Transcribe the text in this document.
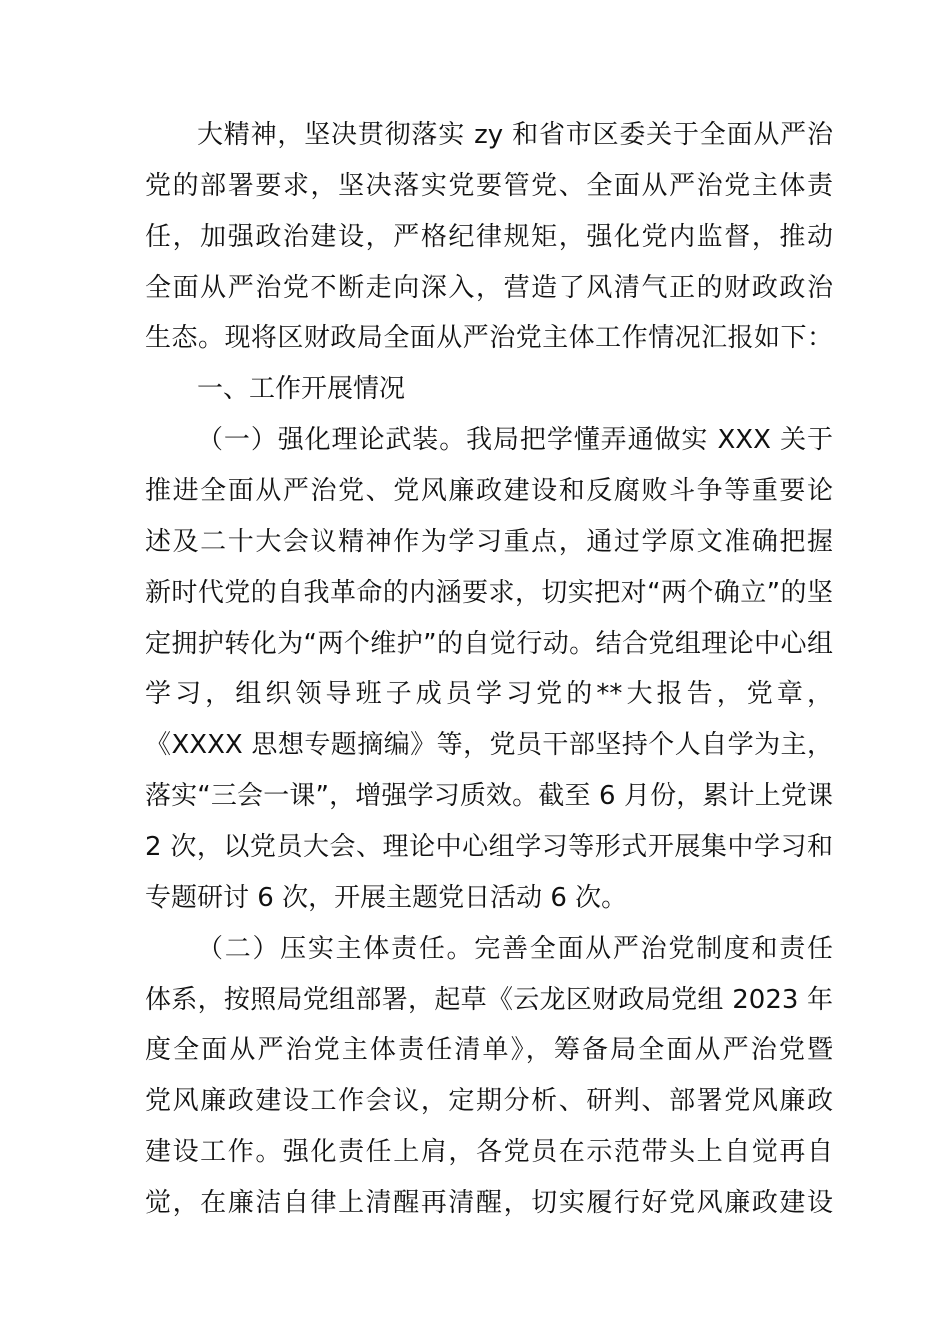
大精神，坚决贯彻落实 zy 和省市区委关于全面从严治
党的部署要求，坚决落实党要管党、全面从严治党主体责
任，加强政治建设，严格纪律规矩，强化党内监督，推动
全面从严治党不断走向深入，营造了风清气正的财政政治
生态。现将区财政局全面从严治党主体工作情况汇报如下：
一、工作开展情况
（一）强化理论武装。我局把学懂弄通做实 XXX 关于
推进全面从严治党、党风廉政建设和反腐败斗争等重要论
述及二十大会议精神作为学习重点，通过学原文准确把握
新时代党的自我革命的内涵要求，切实把对“两个确立”的坚
定拥护转化为“两个维护”的自觉行动。结合党组理论中心组
学习，组织领导班子成员学习党的**大报告，党章，
《XXXX 思想专题摘编》等，党员干部坚持个人自学为主，
落实“三会一课”，增强学习质效。截至 6 月份，累计上党课
2 次，以党员大会、理论中心组学习等形式开展集中学习和
专题研讨 6 次，开展主题党日活动 6 次。
（二）压实主体责任。完善全面从严治党制度和责任
体系，按照局党组部署，起草《云龙区财政局党组 2023 年
度全面从严治党主体责任清单》，筹备局全面从严治党暨
党风廉政建设工作会议，定期分析、研判、部署党风廉政
建设工作。强化责任上肩，各党员在示范带头上自觉再自
觉，在廉洁自律上清醒再清醒，切实履行好党风廉政建设
